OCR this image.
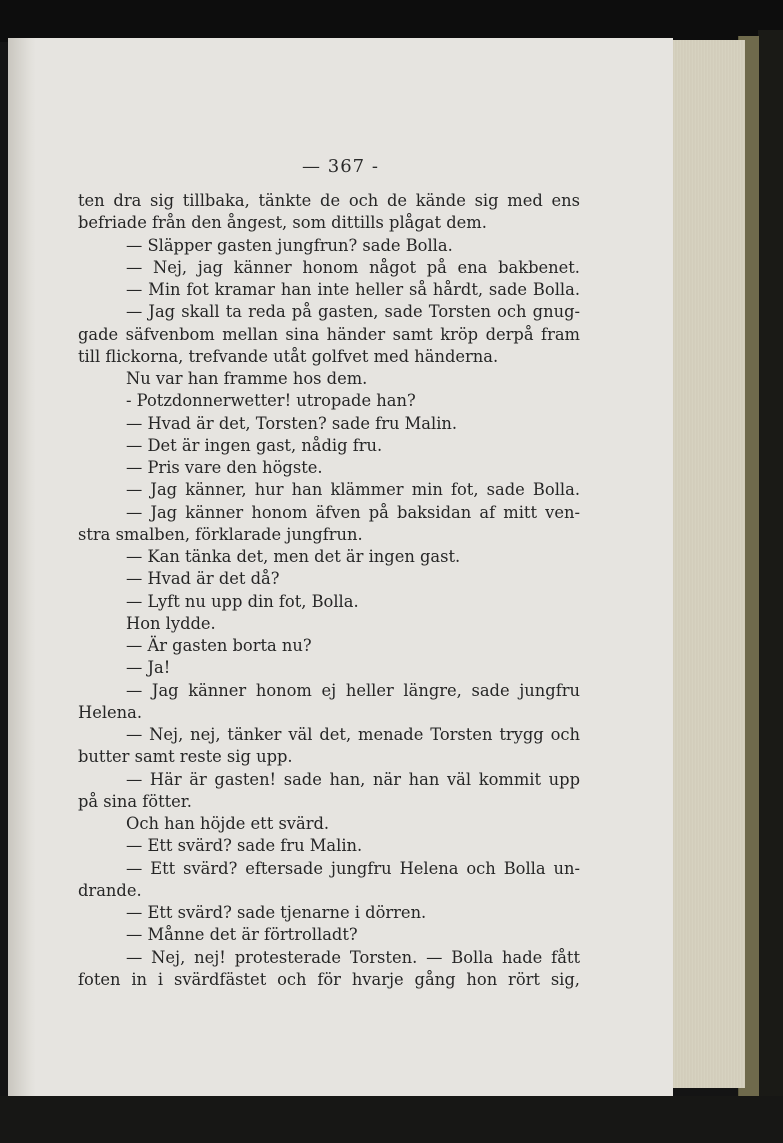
— 367 -
ten dra sig tillbaka, tänkte de och de kände sig med ens
befriade från den ångest, som dittills plågat dem.
— Släpper gasten jungfrun? sade Bolla.
— Nej, jag känner honom något på ena bakbenet.
— Min fot kramar han inte heller så hårdt, sade Bolla.
— Jag skall ta reda på gasten, sade Torsten och gnug-
gade säfvenbom mellan sina händer samt kröp derpå fram
till flickorna, trefvande utåt golfvet med händerna.
Nu var han framme hos dem.
- Potzdonnerwetter! utropade han?
— Hvad är det, Torsten? sade fru Malin.
— Det är ingen gast, nådig fru.
— Pris vare den högste.
— Jag känner, hur han klämmer min fot, sade Bolla.
— Jag känner honom äfven på baksidan af mitt ven-
stra smalben, förklarade jungfrun.
— Kan tänka det, men det är ingen gast.
— Hvad är det då?
— Lyft nu upp din fot, Bolla.
Hon lydde.
— Är gasten borta nu?
— Ja!
— Jag känner honom ej heller längre, sade jungfru
Helena.
— Nej, nej, tänker väl det, menade Torsten trygg och
butter samt reste sig upp.
— Här är gasten! sade han, när han väl kommit upp
på sina fötter.
Och han höjde ett svärd.
— Ett svärd? sade fru Malin.
— Ett svärd? eftersade jungfru Helena och Bolla un-
drande.
— Ett svärd? sade tjenarne i dörren.
— Månne det är förtrolladt?
— Nej, nej! protesterade Torsten. — Bolla hade fått
foten in i svärdfästet och för hvarje gång hon rört sig,
